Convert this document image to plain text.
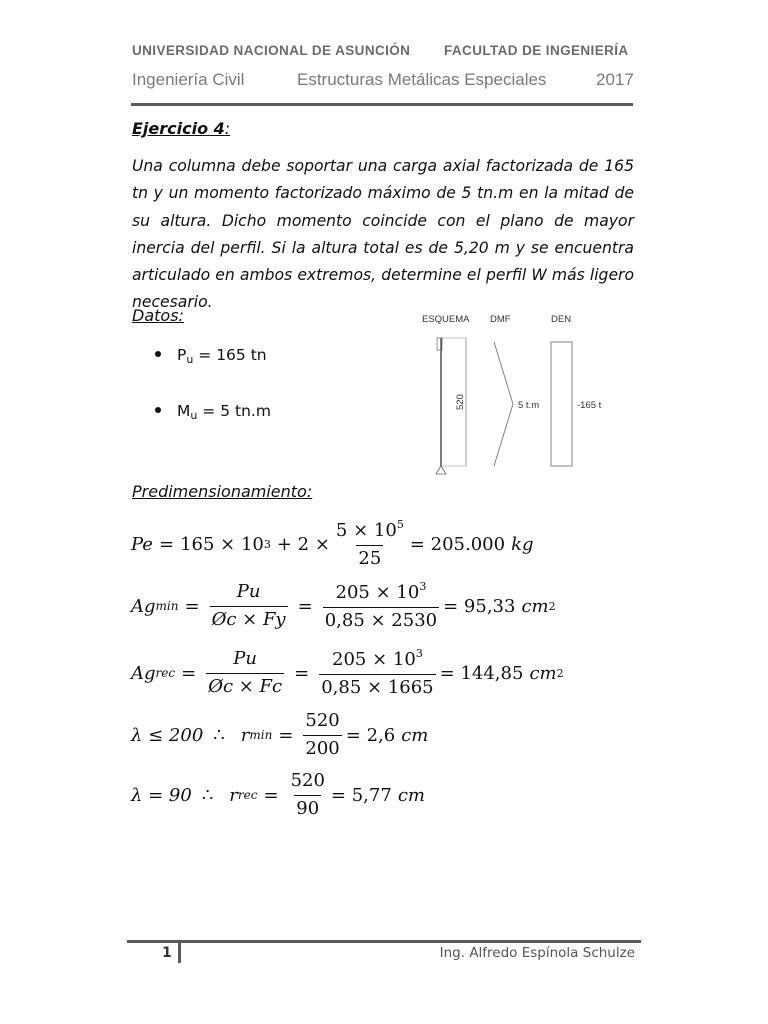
UNIVERSIDAD NACIONAL DE ASUNCIÓN FACULTAD DE INGENIERÍA
Ingeniería Civil	Estructuras Metálicas Especiales	2017
Ejercicio 4:
Una columna debe soportar una carga axial factorizada de 165 tn y un momento factorizado máximo de 5 tn.m en la mitad de su altura. Dicho momento coincide con el plano de mayor inercia del perfil. Si la altura total es de 5,20 m y se encuentra articulado en ambos extremos, determine el perfil W más ligero necesario.
Datos:
$P_u = 165$ tn
$M_u = 5$ tn.m
ESQUEMA DMF	DEN
520	5 t.m	-165 t
Predimensionamiento:
Pe = 165 × 10 $3 + 2 \times \frac{5 \times 10^5}{25} = 205.000$ kg
Ag $\min = \frac{Pu}{Øc \times Fy} = \frac{205 \times 10^3}{0,85 \times 2530} = 95,33$ cm 2
Ag rec = $\frac{Pu}{Øc \times Fc} = \frac{205 \times 10^3}{0,85 \times 1665} = 144,85$ cm 2
λ ≤ 200 ∴ r $\min = \frac{520}{200} = 2,6$ cm
λ = 90 ∴ r rec = $\frac{520}{90} = 5,77$ cm
1	Ing. Alfredo Espínola Schulze
